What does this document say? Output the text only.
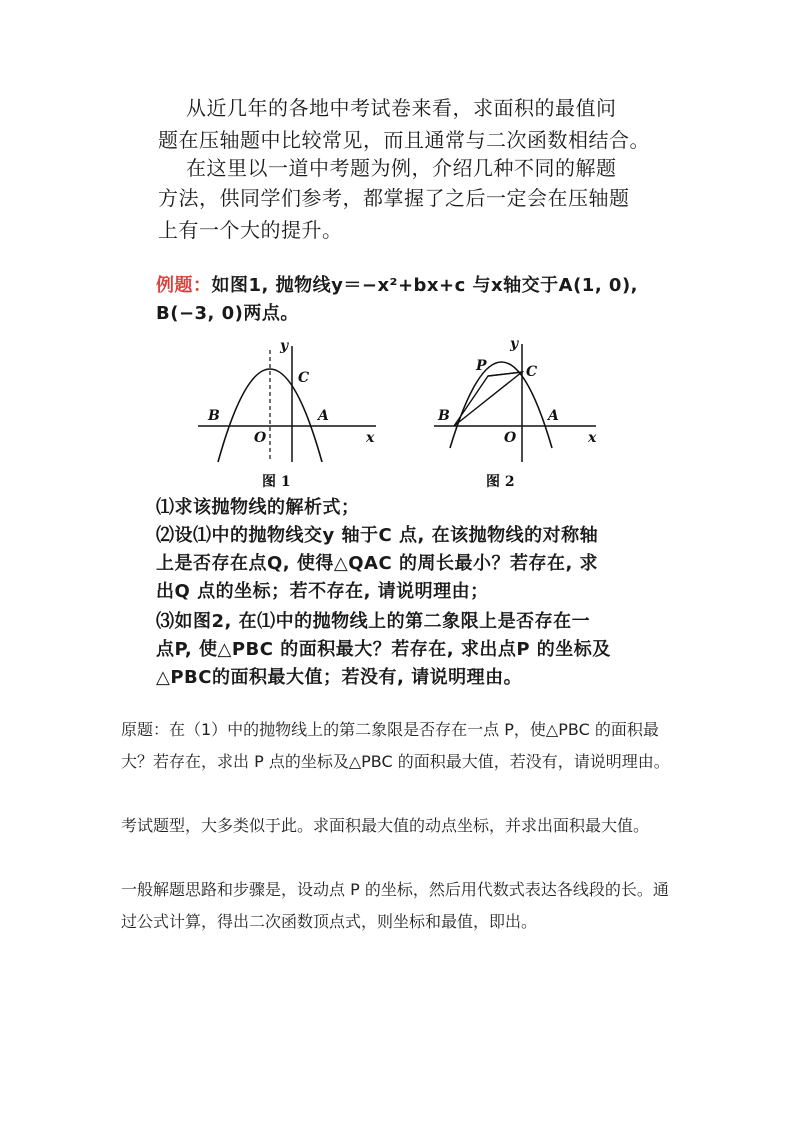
从近几年的各地中考试卷来看，求面积的最值问
题在压轴题中比较常见，而且通常与二次函数相结合。
在这里以一道中考题为例，介绍几种不同的解题
方法，供同学们参考，都掌握了之后一定会在压轴题
上有一个大的提升。
例题：如图1, 抛物线y＝−x²+bx+c 与x轴交于A(1, 0),
B(−3, 0)两点。
y
x
O
A
B
C
图 1
y
x
O
A
B
C
P
图 2
⑴求该抛物线的解析式；
⑵设⑴中的抛物线交y 轴于C 点, 在该抛物线的对称轴
上是否存在点Q, 使得△QAC 的周长最小？若存在, 求
出Q 点的坐标；若不存在, 请说明理由；
⑶如图2, 在⑴中的抛物线上的第二象限上是否存在一
点P, 使△PBC 的面积最大？若存在, 求出点P 的坐标及
△PBC的面积最大值；若没有, 请说明理由。
原题：在（1）中的抛物线上的第二象限是否存在一点 P，使△PBC 的面积最大？若存在，求出 P 点的坐标及△PBC 的面积最大值，若没有，请说明理由。
考试题型，大多类似于此。求面积最大值的动点坐标，并求出面积最大值。
一般解题思路和步骤是，设动点 P 的坐标，然后用代数式表达各线段的长。通过公式计算，得出二次函数顶点式，则坐标和最值，即出。
